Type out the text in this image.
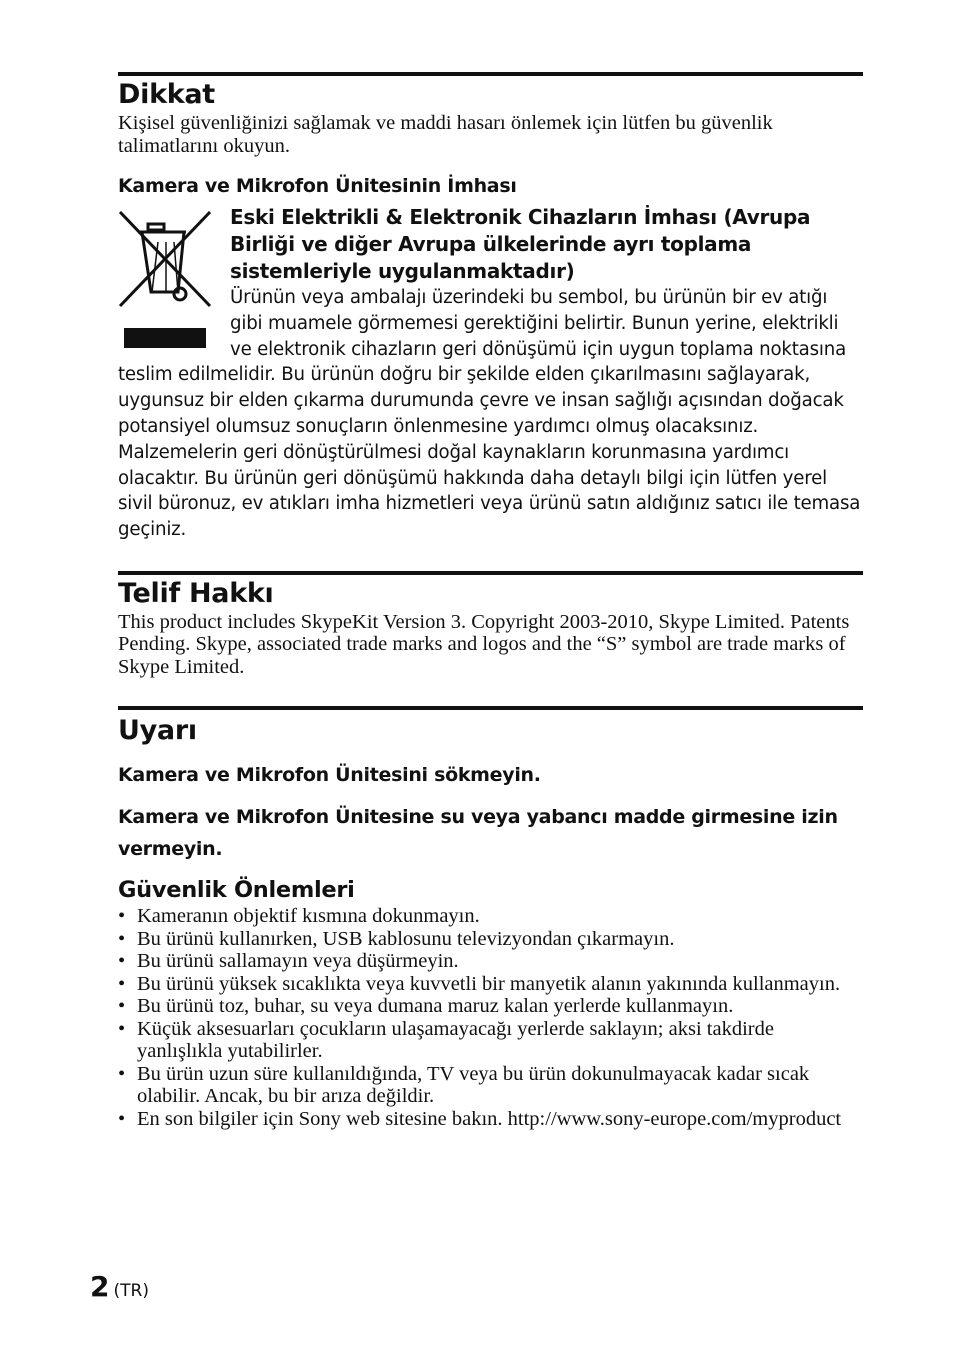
Dikkat

Kişisel güvenliğinizi sağlamak ve maddi hasarı önlemek için lütfen bu güvenlik talimatlarını okuyun.

Kamera ve Mikrofon Ünitesinin İmhası

Eski Elektrikli & Elektronik Cihazların İmhası (Avrupa Birliği ve diğer Avrupa ülkelerinde ayrı toplama sistemleriyle uygulanmaktadır)

Ürünün veya ambalajı üzerindeki bu sembol, bu ürünün bir ev atığı gibi muamele görmemesi gerektiğini belirtir. Bunun yerine, elektrikli ve elektronik cihazların geri dönüşümü için uygun toplama noktasına teslim edilmelidir. Bu ürünün doğru bir şekilde elden çıkarılmasını sağlayarak, uygunsuz bir elden çıkarma durumunda çevre ve insan sağlığı açısından doğacak potansiyel olumsuz sonuçların önlenmesine yardımcı olmuş olacaksınız. Malzemelerin geri dönüştürülmesi doğal kaynakların korunmasına yardımcı olacaktır. Bu ürünün geri dönüşümü hakkında daha detaylı bilgi için lütfen yerel sivil büronuz, ev atıkları imha hizmetleri veya ürünü satın aldığınız satıcı ile temasa geçiniz.

Telif Hakkı

This product includes SkypeKit Version 3. Copyright 2003-2010, Skype Limited. Patents Pending. Skype, associated trade marks and logos and the “S” symbol are trade marks of Skype Limited.

Uyarı

Kamera ve Mikrofon Ünitesini sökmeyin.

Kamera ve Mikrofon Ünitesine su veya yabancı madde girmesine izin vermeyin.

Güvenlik Önlemleri
• Kameranın objektif kısmına dokunmayın.
• Bu ürünü kullanırken, USB kablosunu televizyondan çıkarmayın.
• Bu ürünü sallamayın veya düşürmeyin.
• Bu ürünü yüksek sıcaklıkta veya kuvvetli bir manyetik alanın yakınında kullanmayın.
• Bu ürünü toz, buhar, su veya dumana maruz kalan yerlerde kullanmayın.
• Küçük aksesuarları çocukların ulaşamayacağı yerlerde saklayın; aksi takdirde yanlışlıkla yutabilirler.
• Bu ürün uzun süre kullanıldığında, TV veya bu ürün dokunulmayacak kadar sıcak olabilir. Ancak, bu bir arıza değildir.
• En son bilgiler için Sony web sitesine bakın. http://www.sony-europe.com/myproduct
2 (TR)
